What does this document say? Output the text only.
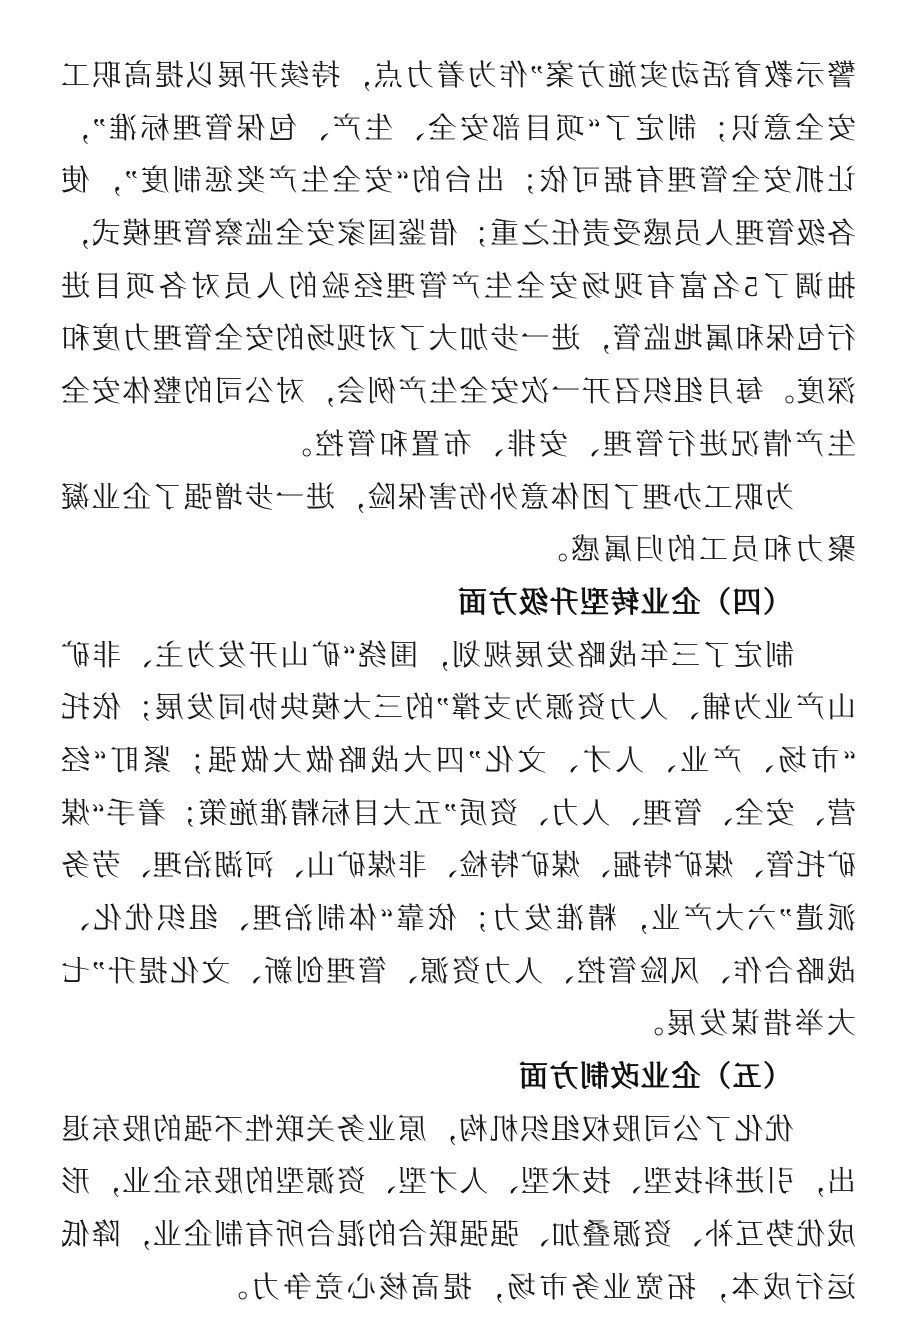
警示教育活动实施方案”作为着力点，持续开展以提高职工
安全意识；制定了“项目部安全、生产、包保管理标准”，
让抓安全管理有据可依；出台的“安全生产奖惩制度”，使
各级管理人员感受责任之重；借鉴国家安全监察管理模式，
抽调了5名富有现场安全生产管理经验的人员对各项目进
行包保和属地监管，进一步加大了对现场的安全管理力度和
深度。每月组织召开一次安全生产例会，对公司的整体安全
生产情况进行管理、安排、布置和管控。
为职工办理了团体意外伤害保险，进一步增强了企业凝
聚力和员工的归属感。
（四）企业转型升级方面
制定了三年战略发展规划，围绕“矿山开发为主、非矿
山产业为辅、人力资源为支撑”的三大模块协同发展；依托
“市场、产业、人才、文化”四大战略做大做强；紧盯“经
营、安全、管理、人力、资质”五大目标精准施策；着手“煤
矿托管、煤矿特掘、煤矿特检、非煤矿山、河湖治理、劳务
派遣”六大产业，精准发力；依靠“体制治理、组织优化、
战略合作、风险管控、人力资源、管理创新、文化提升”七
大举措谋发展。
（五）企业改制方面
优化了公司股权组织机构，原业务关联性不强的股东退
出，引进科技型、技术型、人才型、资源型的股东企业，形
成优势互补、资源叠加、强强联合的混合所有制企业，降低
运行成本，拓宽业务市场，提高核心竞争力。
